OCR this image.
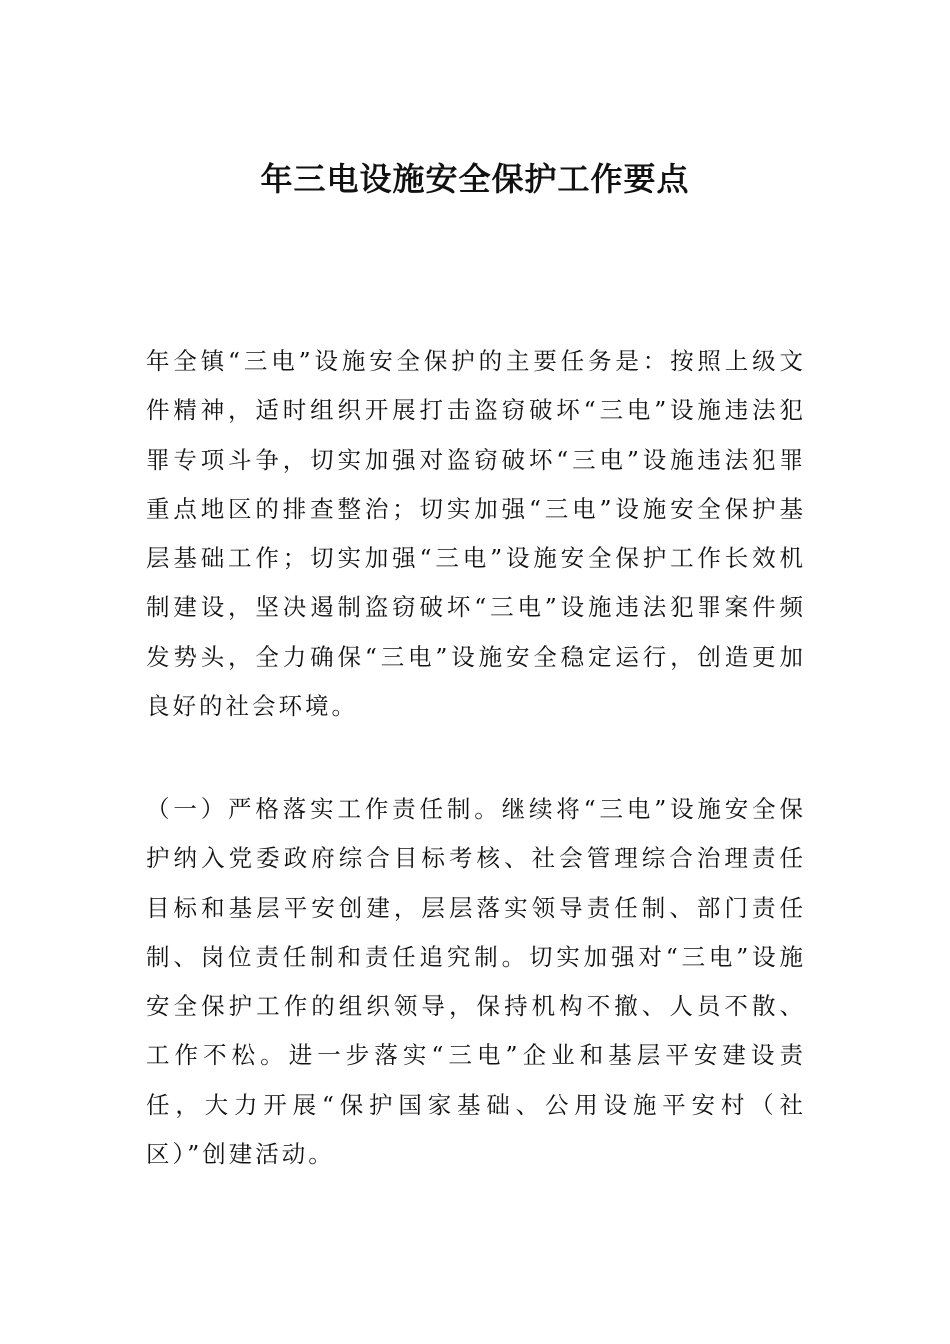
年三电设施安全保护工作要点

年全镇“三电”设施安全保护的主要任务是：按照上级文件精神，适时组织开展打击盗窃破坏“三电”设施违法犯罪专项斗争，切实加强对盗窃破坏“三电”设施违法犯罪重点地区的排查整治；切实加强“三电”设施安全保护基层基础工作；切实加强“三电”设施安全保护工作长效机制建设，坚决遏制盗窃破坏“三电”设施违法犯罪案件频发势头，全力确保“三电”设施安全稳定运行，创造更加良好的社会环境。

（一）严格落实工作责任制。继续将“三电”设施安全保护纳入党委政府综合目标考核、社会管理综合治理责任目标和基层平安创建，层层落实领导责任制、部门责任制、岗位责任制和责任追究制。切实加强对“三电”设施安全保护工作的组织领导，保持机构不撤、人员不散、工作不松。进一步落实“三电”企业和基层平安建设责任，大力开展“保护国家基础、公用设施平安村（社区）”创建活动。
